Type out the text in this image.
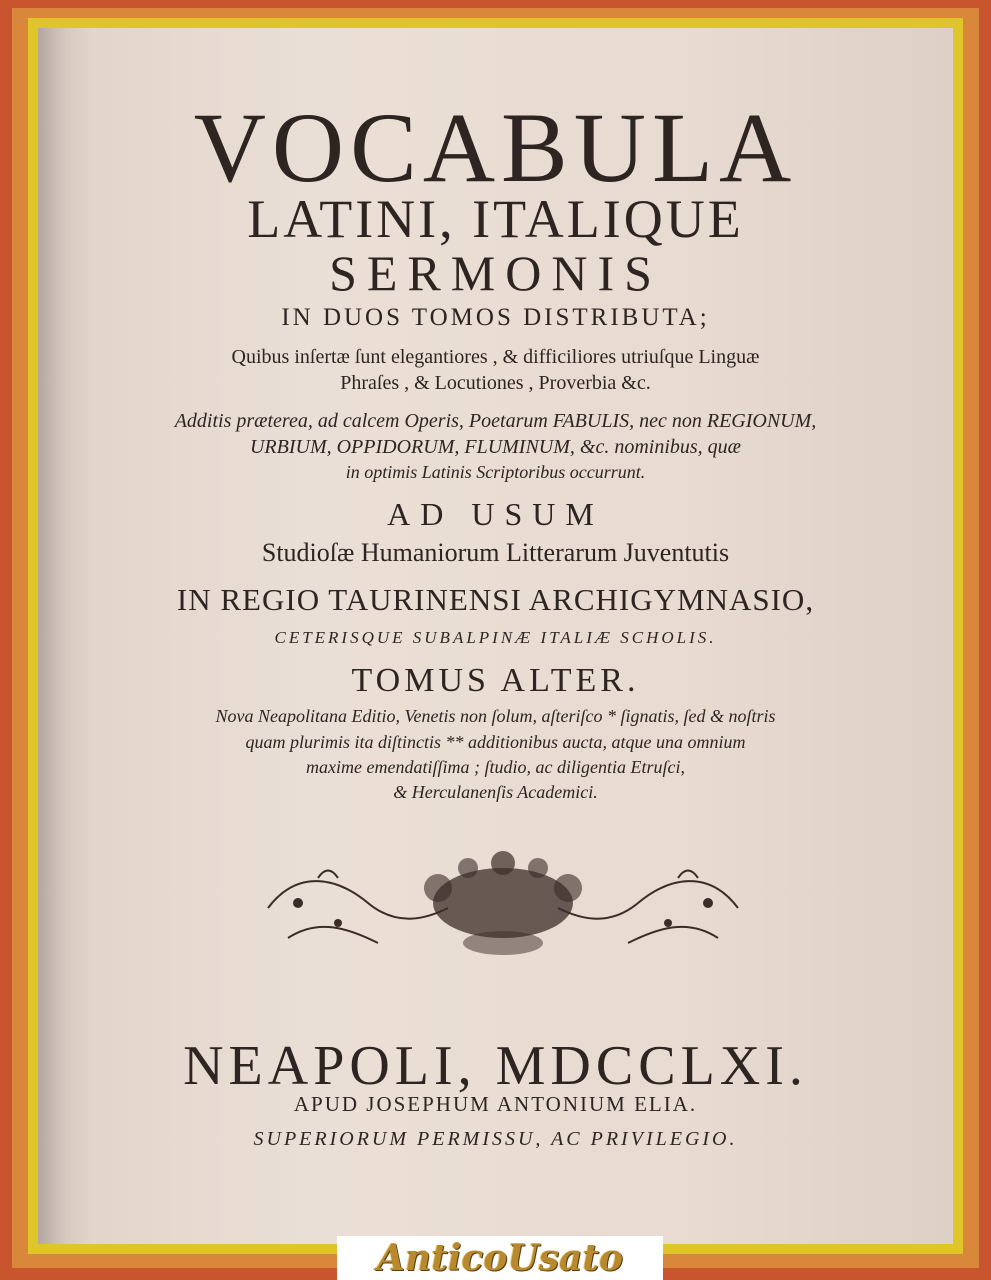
VOCABULA
LATINI, ITALIQUE
SERMONIS
IN DUOS TOMOS DISTRIBUTA;
Quibus inſertæ ſunt elegantiores , & difficiliores utriuſque Linguæ
Phraſes , & Locutiones , Proverbia &c.
Additis præterea, ad calcem Operis, Poetarum FABULIS, nec non REGIONUM,
URBIUM, OPPIDORUM, FLUMINUM, &c. nominibus, quæ
in optimis Latinis Scriptoribus occurrunt.
AD USUM
Studioſæ Humaniorum Litterarum Juventutis
IN REGIO TAURINENSI ARCHIGYMNASIO,
CETERISQUE SUBALPINÆ ITALIÆ SCHOLIS.
TOMUS ALTER.
Nova Neapolitana Editio, Venetis non ſolum, aſteriſco * ſignatis, ſed & noſtris
quam plurimis ita diſtinctis ** additionibus aucta, atque una omnium
maxime emendatiſſima ; ſtudio, ac diligentia Etruſci,
& Herculanenſis Academici.
NEAPOLI, MDCCLXI.
APUD JOSEPHUM ANTONIUM ELIA.
SUPERIORUM PERMISSU, AC PRIVILEGIO.
AnticoUsato
